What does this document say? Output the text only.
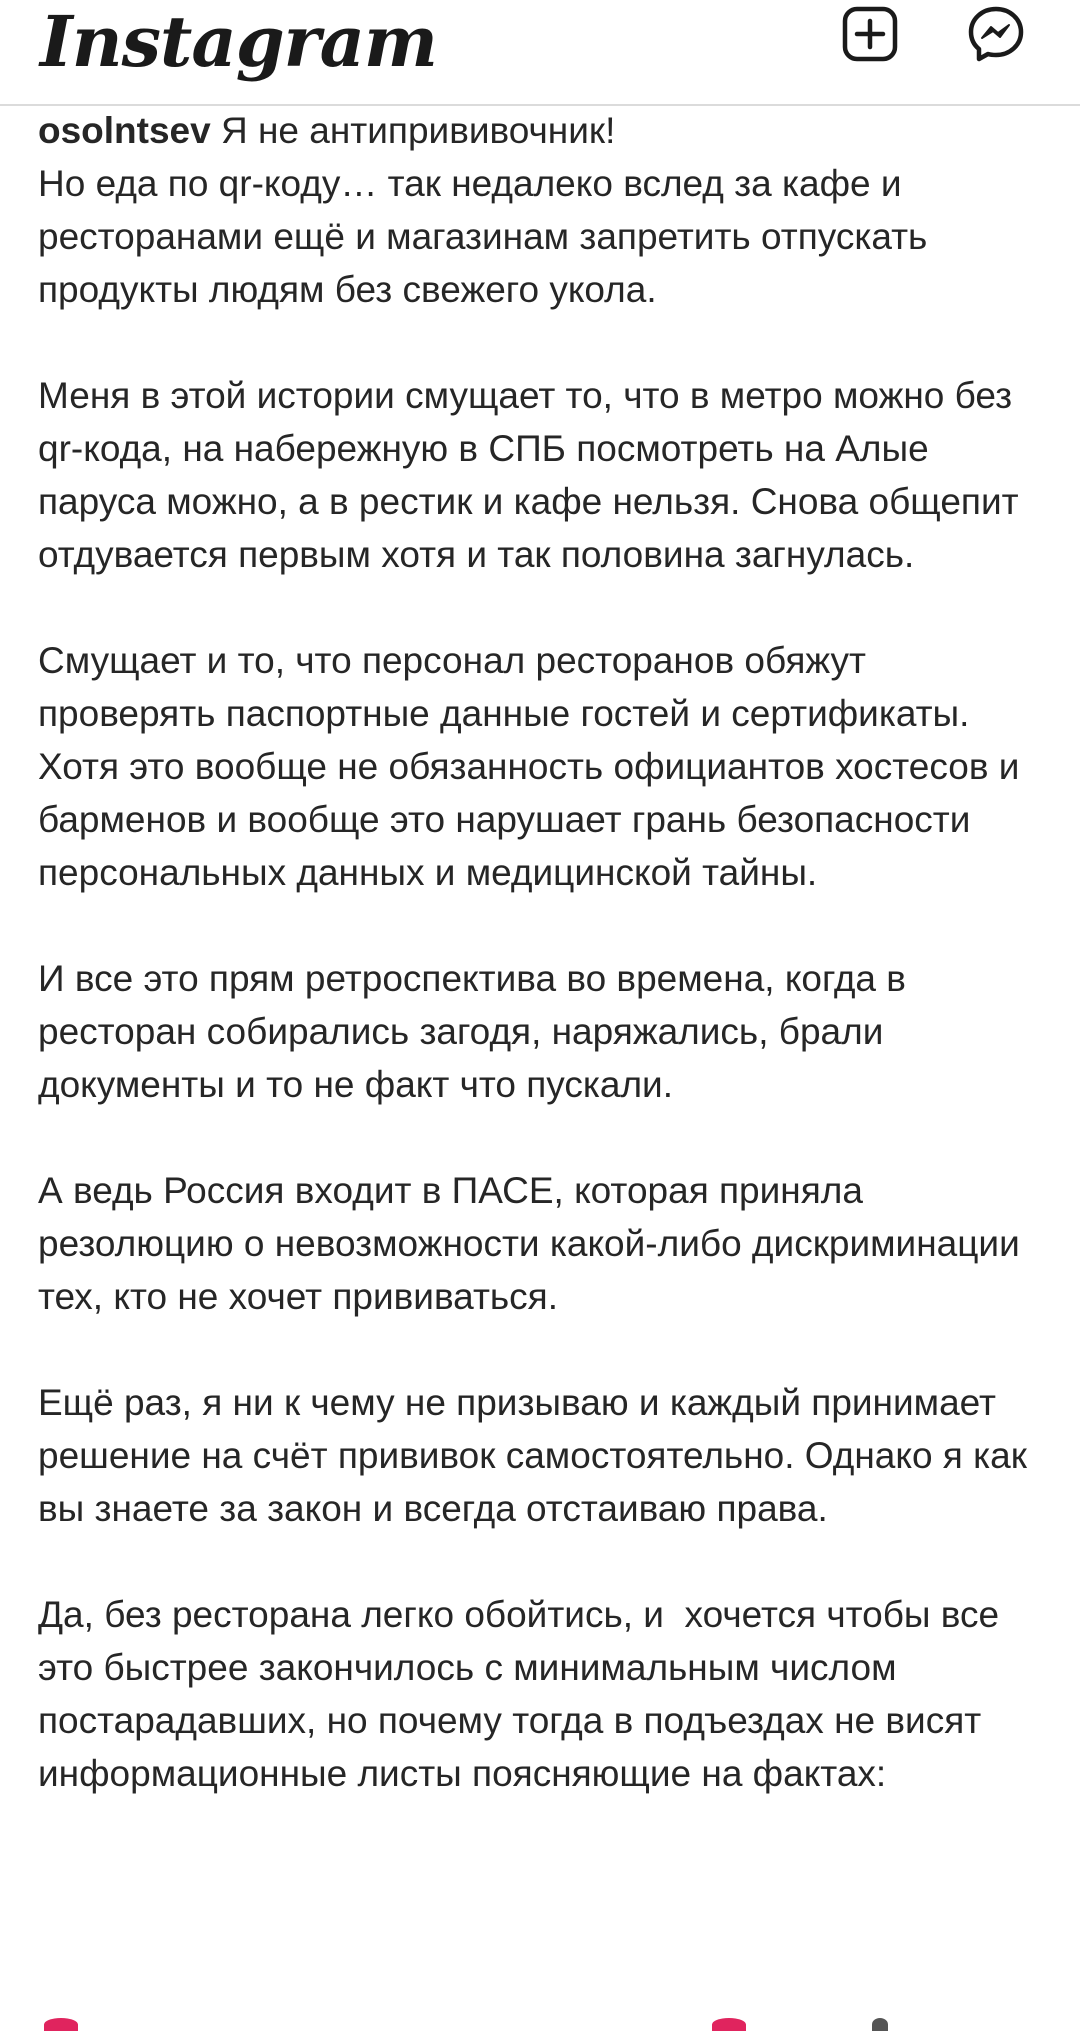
Instagram

osolntsev Я не антипрививочник!
Но еда по qr-коду… так недалеко вслед за кафе и ресторанами ещё и магазинам запретить отпускать продукты людям без свежего укола.

Меня в этой истории смущает то, что в метро можно без qr-кода, на набережную в СПБ посмотреть на Алые паруса можно, а в рестик и кафе нельзя. Снова общепит отдувается первым хотя и так половина загнулась.

Смущает и то, что персонал ресторанов обяжут проверять паспортные данные гостей и сертификаты. Хотя это вообще не обязанность официантов хостесов и барменов и вообще это нарушает грань безопасности персональных данных и медицинской тайны.

И все это прям ретроспектива во времена, когда в ресторан собирались загодя, наряжались, брали документы и то не факт что пускали.

А ведь Россия входит в ПАСЕ, которая приняла резолюцию о невозможности какой-либо дискриминации тех, кто не хочет прививаться.

Ещё раз, я ни к чему не призываю и каждый принимает решение на счёт прививок самостоятельно. Однако я как вы знаете за закон и всегда отстаиваю права.

Да, без ресторана легко обойтись, и  хочется чтобы все это быстрее закончилось с минимальным числом постарадавших, но почему тогда в подъездах не висят информационные листы поясняющие на фактах:
